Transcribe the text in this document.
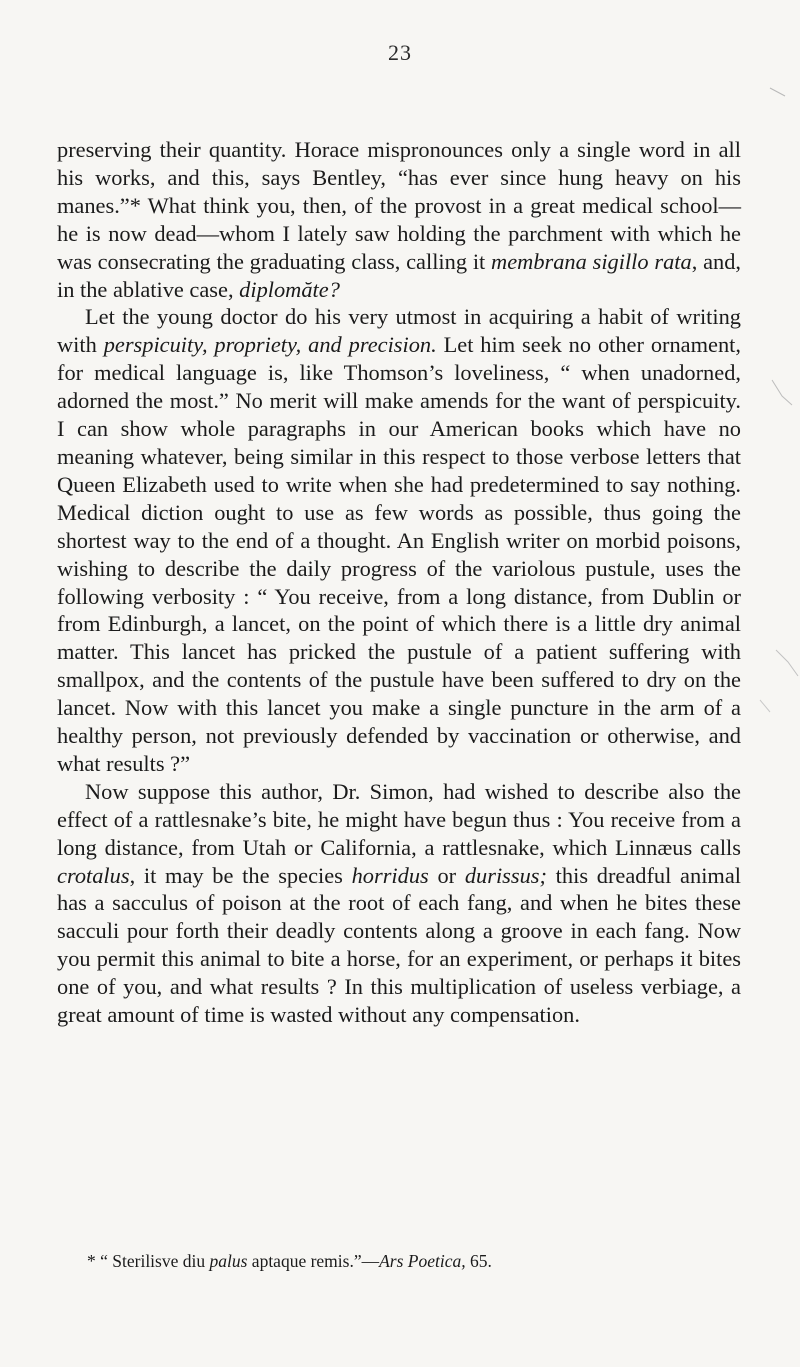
23

preserving their quantity. Horace mispronounces only a single word in all his works, and this, says Bentley, “has ever since hung heavy on his manes.”* What think you, then, of the provost in a great medical school—he is now dead—whom I lately saw holding the parchment with which he was consecrating the graduating class, calling it membrana sigillo rata, and, in the ablative case, diplomăte?

Let the young doctor do his very utmost in acquiring a habit of writing with perspicuity, propriety, and precision. Let him seek no other ornament, for medical language is, like Thomson’s loveliness, “ when unadorned, adorned the most.” No merit will make amends for the want of perspicuity. I can show whole paragraphs in our American books which have no meaning whatever, being similar in this respect to those verbose letters that Queen Elizabeth used to write when she had predetermined to say nothing. Medical diction ought to use as few words as possible, thus going the shortest way to the end of a thought. An English writer on morbid poisons, wishing to describe the daily progress of the variolous pustule, uses the following verbosity : “ You receive, from a long distance, from Dublin or from Edinburgh, a lancet, on the point of which there is a little dry animal matter. This lancet has pricked the pustule of a patient suffering with smallpox, and the contents of the pustule have been suffered to dry on the lancet. Now with this lancet you make a single puncture in the arm of a healthy person, not previously defended by vaccination or otherwise, and what results ?”

Now suppose this author, Dr. Simon, had wished to describe also the effect of a rattlesnake’s bite, he might have begun thus : You receive from a long distance, from Utah or California, a rattlesnake, which Linnæus calls crotalus, it may be the species horridus or durissus; this dreadful animal has a sacculus of poison at the root of each fang, and when he bites these sacculi pour forth their deadly contents along a groove in each fang. Now you permit this animal to bite a horse, for an experiment, or perhaps it bites one of you, and what results ? In this multiplication of useless verbiage, a great amount of time is wasted without any compensation.

* “ Sterilisve diu palus aptaque remis.”—Ars Poetica, 65.
